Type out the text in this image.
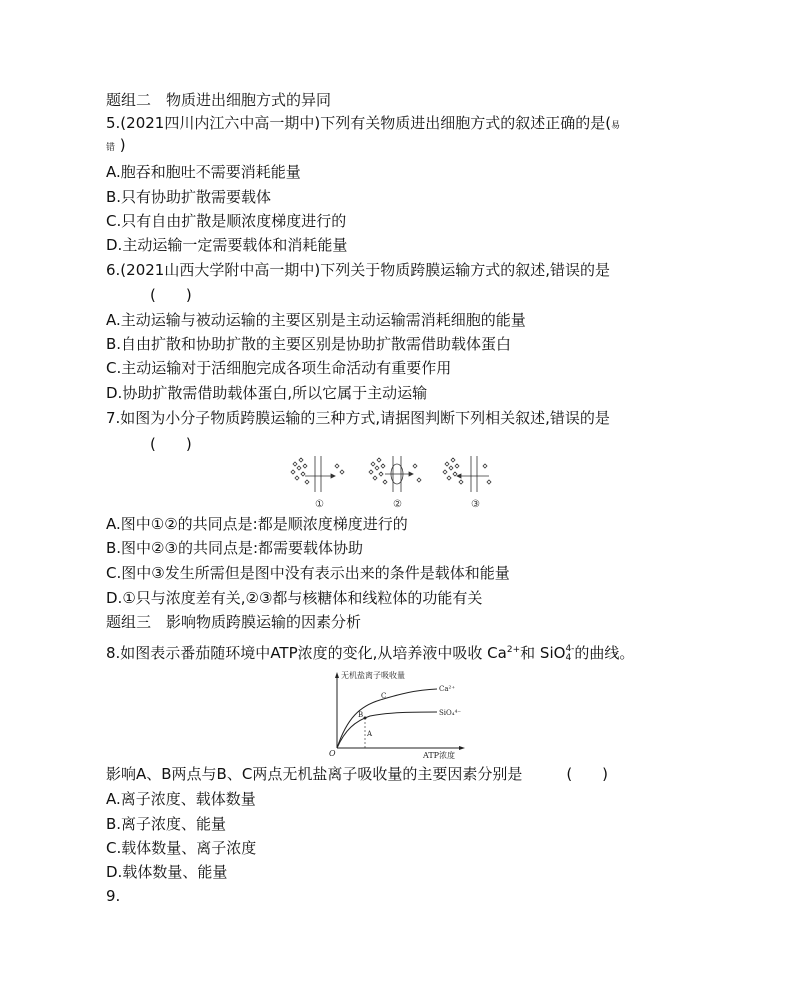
题组二　物质进出细胞方式的异同
5.(2021四川内江六中高一期中)下列有关物质进出细胞方式的叙述正确的是(易
错 )
A.胞吞和胞吐不需要消耗能量
B.只有协助扩散需要载体
C.只有自由扩散是顺浓度梯度进行的
D.主动运输一定需要载体和消耗能量
6.(2021山西大学附中高一期中)下列关于物质跨膜运输方式的叙述,错误的是
(　　)
A.主动运输与被动运输的主要区别是主动运输需消耗细胞的能量
B.自由扩散和协助扩散的主要区别是协助扩散需借助载体蛋白
C.主动运输对于活细胞完成各项生命活动有重要作用
D.协助扩散需借助载体蛋白,所以它属于主动运输
7.如图为小分子物质跨膜运输的三种方式,请据图判断下列相关叙述,错误的是
(　　)
①	②	③
A.图中①②的共同点是:都是顺浓度梯度进行的
B.图中②③的共同点是:都需要载体协助
C.图中③发生所需但是图中没有表示出来的条件是载体和能量
D.①只与浓度差有关,②③都与核糖体和线粒体的功能有关
题组三　影响物质跨膜运输的因素分析
8.如图表示番茄随环境中ATP浓度的变化,从培养液中吸收 $Ca^{2+}$和 SiO 4-
4 的曲线。
无机盐离子吸收量
ATP浓度
O
Ca²⁺
SiO₄⁴⁻
A
B
C
影响A、B两点与B、C两点无机盐离子吸收量的主要因素分别是	(　　)
A.离子浓度、载体数量
B.离子浓度、能量
C.载体数量、离子浓度
D.载体数量、能量
9.
